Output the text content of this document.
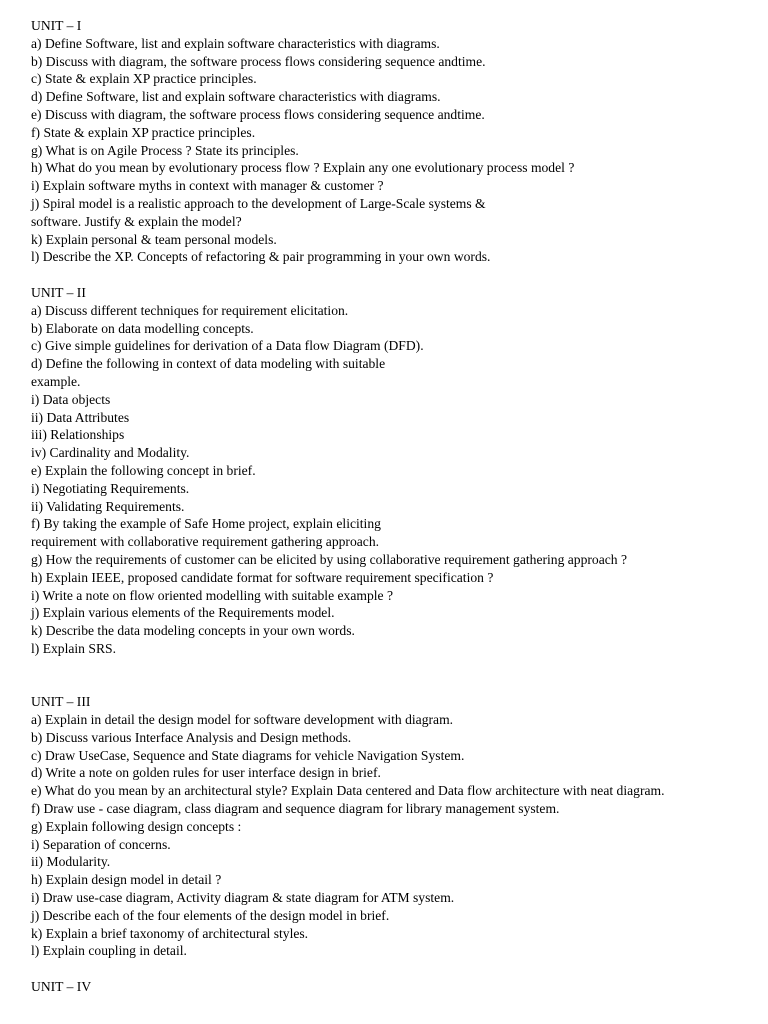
UNIT – I
a) Define Software, list and explain software characteristics with diagrams.
b) Discuss with diagram, the software process flows considering sequence andtime.
c) State & explain XP practice principles.
d) Define Software, list and explain software characteristics with diagrams.
e) Discuss with diagram, the software process flows considering sequence andtime.
f) State & explain XP practice principles.
g) What is on Agile Process ? State its principles.
h) What do you mean by evolutionary process flow ? Explain any one evolutionary process model ?
i) Explain software myths in context with manager & customer ?
j) Spiral model is a realistic approach to the development of Large-Scale systems &
software. Justify & explain the model?
k) Explain personal & team personal models.
l) Describe the XP. Concepts of refactoring & pair programming in your own words.
UNIT – II
a) Discuss different techniques for requirement elicitation.
b) Elaborate on data modelling concepts.
c) Give simple guidelines for derivation of a Data flow Diagram (DFD).
d) Define the following in context of data modeling with suitable
example.
i) Data objects
ii) Data Attributes
iii) Relationships
iv) Cardinality and Modality.
e) Explain the following concept in brief.
i) Negotiating Requirements.
ii) Validating Requirements.
f) By taking the example of Safe Home project, explain eliciting
requirement with collaborative requirement gathering approach.
g) How the requirements of customer can be elicited by using collaborative requirement gathering approach ?
h) Explain IEEE, proposed candidate format for software requirement specification ?
i) Write a note on flow oriented modelling with suitable example ?
j) Explain various elements of the Requirements model.
k) Describe the data modeling concepts in your own words.
l) Explain SRS.
UNIT – III
a) Explain in detail the design model for software development with diagram.
b) Discuss various Interface Analysis and Design methods.
c) Draw UseCase, Sequence and State diagrams for vehicle Navigation System.
d) Write a note on golden rules for user interface design in brief.
e) What do you mean by an architectural style? Explain Data centered and Data flow architecture with neat diagram.
f) Draw use - case diagram, class diagram and sequence diagram for library management system.
g) Explain following design concepts :
i) Separation of concerns.
ii) Modularity.
h) Explain design model in detail ?
i) Draw use-case diagram, Activity diagram & state diagram for ATM system.
j) Describe each of the four elements of the design model in brief.
k) Explain a brief taxonomy of architectural styles.
l) Explain coupling in detail.
UNIT – IV
